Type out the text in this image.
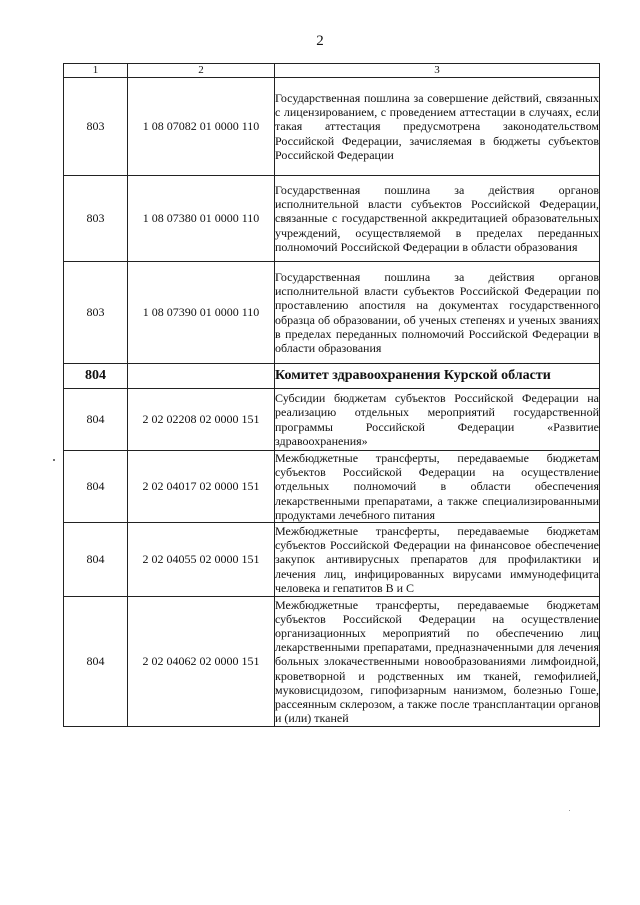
2
1	2	3
803	1 08 07082 01 0000 110	Государственная пошлина за совершение действий, связанных с лицензированием, с проведением аттестации в случаях, если такая аттестация предусмотрена законодательством Российской Федерации, зачисляемая в бюджеты субъектов Российской Федерации
803	1 08 07380 01 0000 110	Государственная пошлина за действия органов исполнительной власти субъектов Российской Федерации, связанные с государственной аккредитацией образовательных учреждений, осуществляемой в пределах переданных полномочий Российской Федерации в области образования
803	1 08 07390 01 0000 110	Государственная пошлина за действия органов исполнительной власти субъектов Российской Федерации по проставлению апостиля на документах государственного образца об образовании, об ученых степенях и ученых званиях в пределах переданных полномочий Российской Федерации в области образования
804		Комитет здравоохранения Курской области
804	2 02 02208 02 0000 151	Субсидии бюджетам субъектов Российской Федерации на реализацию отдельных мероприятий государственной программы Российской Федерации «Развитие здравоохранения»
804	2 02 04017 02 0000 151	Межбюджетные трансферты, передаваемые бюджетам субъектов Российской Федерации на осуществление отдельных полномочий в области обеспечения лекарственными препаратами, а также специализированными продуктами лечебного питания
804	2 02 04055 02 0000 151	Межбюджетные трансферты, передаваемые бюджетам субъектов Российской Федерации на финансовое обеспечение закупок антивирусных препаратов для профилактики и лечения лиц, инфицированных вирусами иммунодефицита человека и гепатитов B и C
804	2 02 04062 02 0000 151	Межбюджетные трансферты, передаваемые бюджетам субъектов Российской Федерации на осуществление организационных мероприятий по обеспечению лиц лекарственными препаратами, предназначенными для лечения больных злокачественными новообразованиями лимфоидной, кроветворной и родственных им тканей, гемофилией, муковисцидозом, гипофизарным нанизмом, болезнью Гоше, рассеянным склерозом, а также после трансплантации органов и (или) тканей
